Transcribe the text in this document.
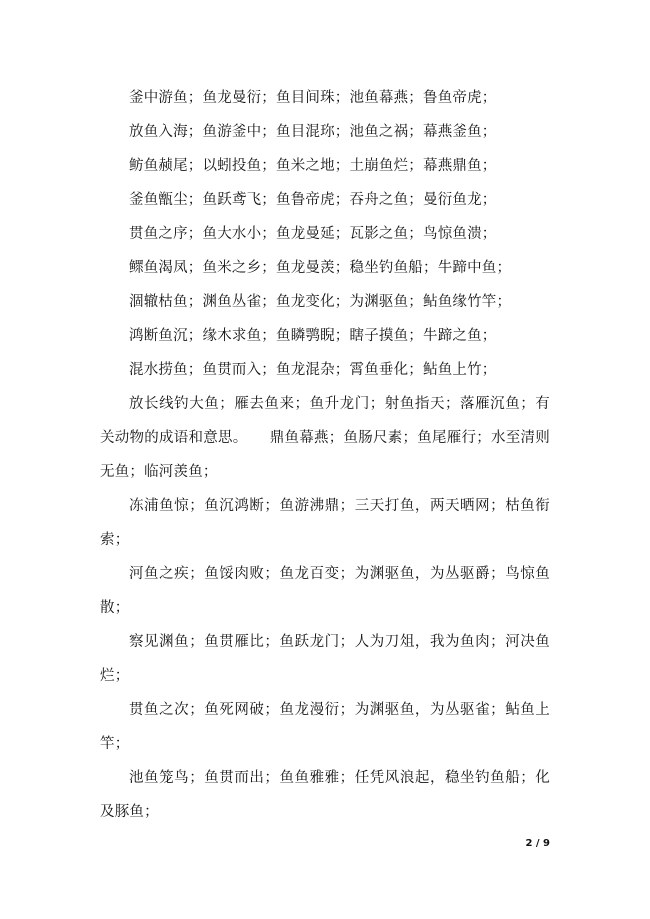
釜中游鱼；鱼龙曼衍；鱼目间珠；池鱼幕燕；鲁鱼帝虎；

放鱼入海；鱼游釜中；鱼目混珎；池鱼之祸；幕燕釜鱼；

鲂鱼赪尾；以蚓投鱼；鱼米之地；土崩鱼烂；幕燕鼎鱼；

釜鱼甑尘；鱼跃鸢飞；鱼鲁帝虎；吞舟之鱼；曼衍鱼龙；

贯鱼之序；鱼大水小；鱼龙曼延；瓦影之鱼；鸟惊鱼溃；

鳏鱼渴凤；鱼米之乡；鱼龙曼羡；稳坐钓鱼船；牛蹄中鱼；

涸辙枯鱼；渊鱼丛雀；鱼龙变化；为渊驱鱼；鲇鱼缘竹竿；

鸿断鱼沉；缘木求鱼；鱼瞵鹗睨；瞎子摸鱼；牛蹄之鱼；

混水捞鱼；鱼贯而入；鱼龙混杂；霄鱼垂化；鲇鱼上竹；

放长线钓大鱼；雁去鱼来；鱼升龙门；射鱼指天；落雁沉鱼；有关动物的成语和意思。　　鼎鱼幕燕；鱼肠尺素；鱼尾雁行；水至清则无鱼；临河羡鱼；

冻浦鱼惊；鱼沉鸿断；鱼游沸鼎；三天打鱼，两天晒网；枯鱼衔索；

河鱼之疾；鱼馁肉败；鱼龙百变；为渊驱鱼，为丛驱爵；鸟惊鱼散；

察见渊鱼；鱼贯雁比；鱼跃龙门；人为刀俎，我为鱼肉；河决鱼烂；

贯鱼之次；鱼死网破；鱼龙漫衍；为渊驱鱼，为丛驱雀；鲇鱼上竿；

池鱼笼鸟；鱼贯而出；鱼鱼雅雅；任凭风浪起，稳坐钓鱼船；化及豚鱼；

2 / 9
